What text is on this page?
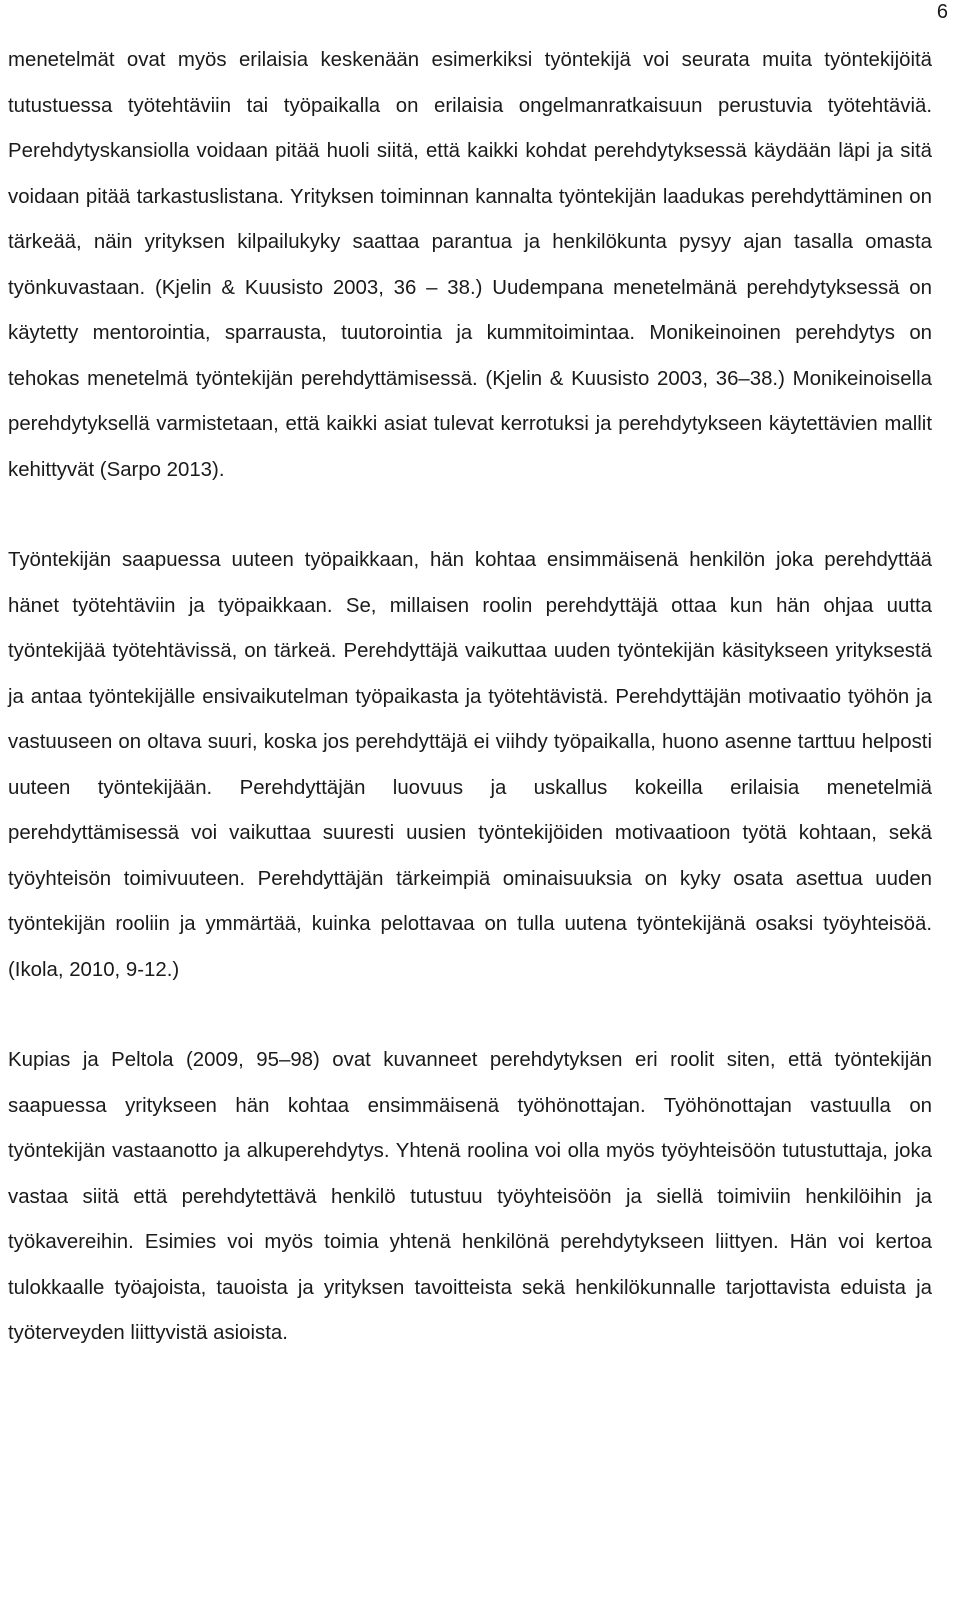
6

menetelmät ovat myös erilaisia keskenään esimerkiksi työntekijä voi seurata muita työntekijöitä tutustuessa työtehtäviin tai työpaikalla on erilaisia ongelmanratkaisuun perustuvia työtehtäviä. Perehdytyskansiolla voidaan pitää huoli siitä, että kaikki kohdat perehdytyksessä käydään läpi ja sitä voidaan pitää tarkastuslistana. Yrityksen toiminnan kannalta työntekijän laadukas perehdyttäminen on tärkeää, näin yrityksen kilpailukyky saattaa parantua ja henkilökunta pysyy ajan tasalla omasta työnkuvastaan. (Kjelin & Kuusisto 2003, 36 – 38.) Uudempana menetelmänä perehdytyksessä on käytetty mentorointia, sparrausta, tuutorointia ja kummitoimintaa. Monikeinoinen perehdytys on tehokas menetelmä työntekijän perehdyttämisessä. (Kjelin & Kuusisto 2003, 36–38.) Monikeinoisella perehdytyksellä varmistetaan, että kaikki asiat tulevat kerrotuksi ja perehdytykseen käytettävien mallit kehittyvät (Sarpo 2013).

Työntekijän saapuessa uuteen työpaikkaan, hän kohtaa ensimmäisenä henkilön joka perehdyttää hänet työtehtäviin ja työpaikkaan. Se, millaisen roolin perehdyttäjä ottaa kun hän ohjaa uutta työntekijää työtehtävissä, on tärkeä. Perehdyttäjä vaikuttaa uuden työntekijän käsitykseen yrityksestä ja antaa työntekijälle ensivaikutelman työpaikasta ja työtehtävistä. Perehdyttäjän motivaatio työhön ja vastuuseen on oltava suuri, koska jos perehdyttäjä ei viihdy työpaikalla, huono asenne tarttuu helposti uuteen työntekijään. Perehdyttäjän luovuus ja uskallus kokeilla erilaisia menetelmiä perehdyttämisessä voi vaikuttaa suuresti uusien työntekijöiden motivaatioon työtä kohtaan, sekä työyhteisön toimivuuteen. Perehdyttäjän tärkeimpiä ominaisuuksia on kyky osata asettua uuden työntekijän rooliin ja ymmärtää, kuinka pelottavaa on tulla uutena työntekijänä osaksi työyhteisöä. (Ikola, 2010, 9-12.)

Kupias ja Peltola (2009, 95–98) ovat kuvanneet perehdytyksen eri roolit siten, että työntekijän saapuessa yritykseen hän kohtaa ensimmäisenä työhönottajan. Työhönottajan vastuulla on työntekijän vastaanotto ja alkuperehdytys. Yhtenä roolina voi olla myös työyhteisöön tutustuttaja, joka vastaa siitä että perehdytettävä henkilö tutustuu työyhteisöön ja siellä toimiviin henkilöihin ja työkavereihin. Esimies voi myös toimia yhtenä henkilönä perehdytykseen liittyen. Hän voi kertoa tulokkaalle työajoista, tauoista ja yrityksen tavoitteista sekä henkilökunnalle tarjottavista eduista ja työterveyden liittyvistä asioista.
